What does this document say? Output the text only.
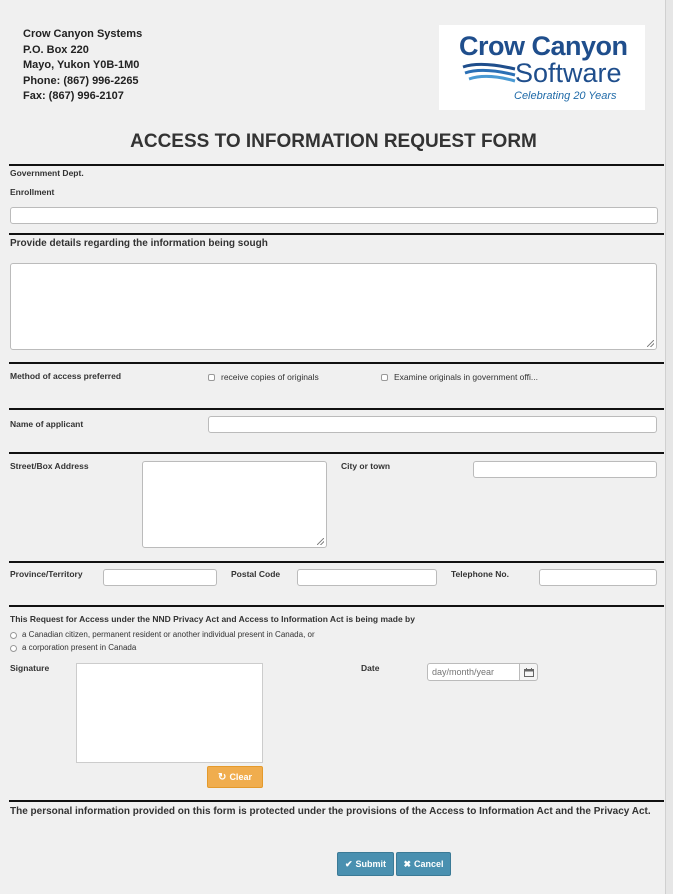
Crow Canyon Systems
P.O. Box 220
Mayo, Yukon Y0B-1M0
Phone: (867) 996-2265
Fax: (867) 996-2107
Crow Canyon
Software
Celebrating 20 Years
ACCESS TO INFORMATION REQUEST FORM
Government Dept.
Enrollment
Provide details regarding the information being sough
Method of access preferred	receive copies of originals	Examine originals in government offi...
Name of applicant
Street/Box Address	City or town
Province/Territory	Postal Code	Telephone No.
This Request for Access under the NND Privacy Act and Access to Information Act is being made by
a Canadian citizen, permanent resident or another individual present in Canada, or
a corporation present in Canada
Signature
↻ Clear
Date
day/month/year
The personal information provided on this form is protected under the provisions of the Access to Information Act and the Privacy Act.
✔ Submit ✖ Cancel
